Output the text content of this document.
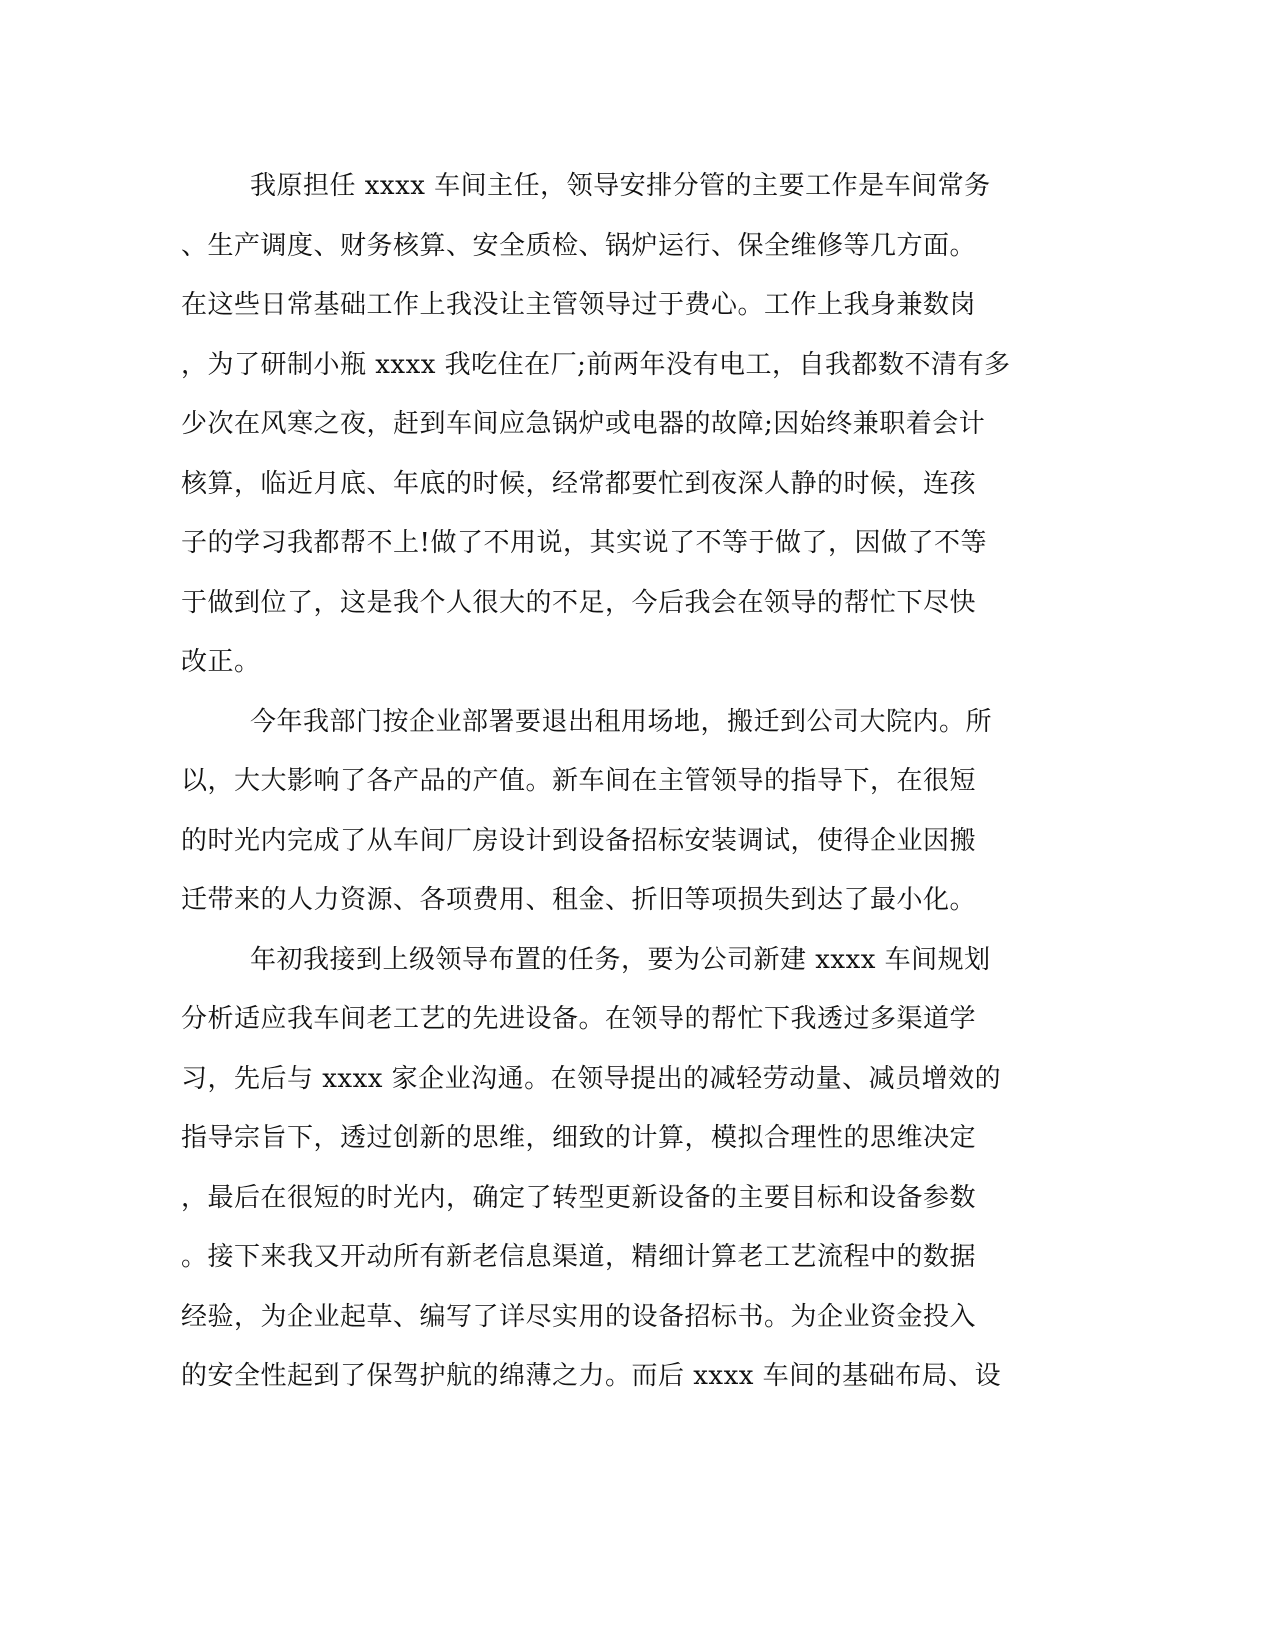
我原担任 xxxx 车间主任，领导安排分管的主要工作是车间常务
、生产调度、财务核算、安全质检、锅炉运行、保全维修等几方面。
在这些日常基础工作上我没让主管领导过于费心。工作上我身兼数岗
，为了研制小瓶 xxxx 我吃住在厂;前两年没有电工，自我都数不清有多
少次在风寒之夜，赶到车间应急锅炉或电器的故障;因始终兼职着会计
核算，临近月底、年底的时候，经常都要忙到夜深人静的时候，连孩
子的学习我都帮不上!做了不用说，其实说了不等于做了，因做了不等
于做到位了，这是我个人很大的不足，今后我会在领导的帮忙下尽快
改正。
今年我部门按企业部署要退出租用场地，搬迁到公司大院内。所
以，大大影响了各产品的产值。新车间在主管领导的指导下，在很短
的时光内完成了从车间厂房设计到设备招标安装调试，使得企业因搬
迁带来的人力资源、各项费用、租金、折旧等项损失到达了最小化。
年初我接到上级领导布置的任务，要为公司新建 xxxx 车间规划
分析适应我车间老工艺的先进设备。在领导的帮忙下我透过多渠道学
习，先后与 xxxx 家企业沟通。在领导提出的减轻劳动量、减员增效的
指导宗旨下，透过创新的思维，细致的计算，模拟合理性的思维决定
，最后在很短的时光内，确定了转型更新设备的主要目标和设备参数
。接下来我又开动所有新老信息渠道，精细计算老工艺流程中的数据
经验，为企业起草、编写了详尽实用的设备招标书。为企业资金投入
的安全性起到了保驾护航的绵薄之力。而后 xxxx 车间的基础布局、设
